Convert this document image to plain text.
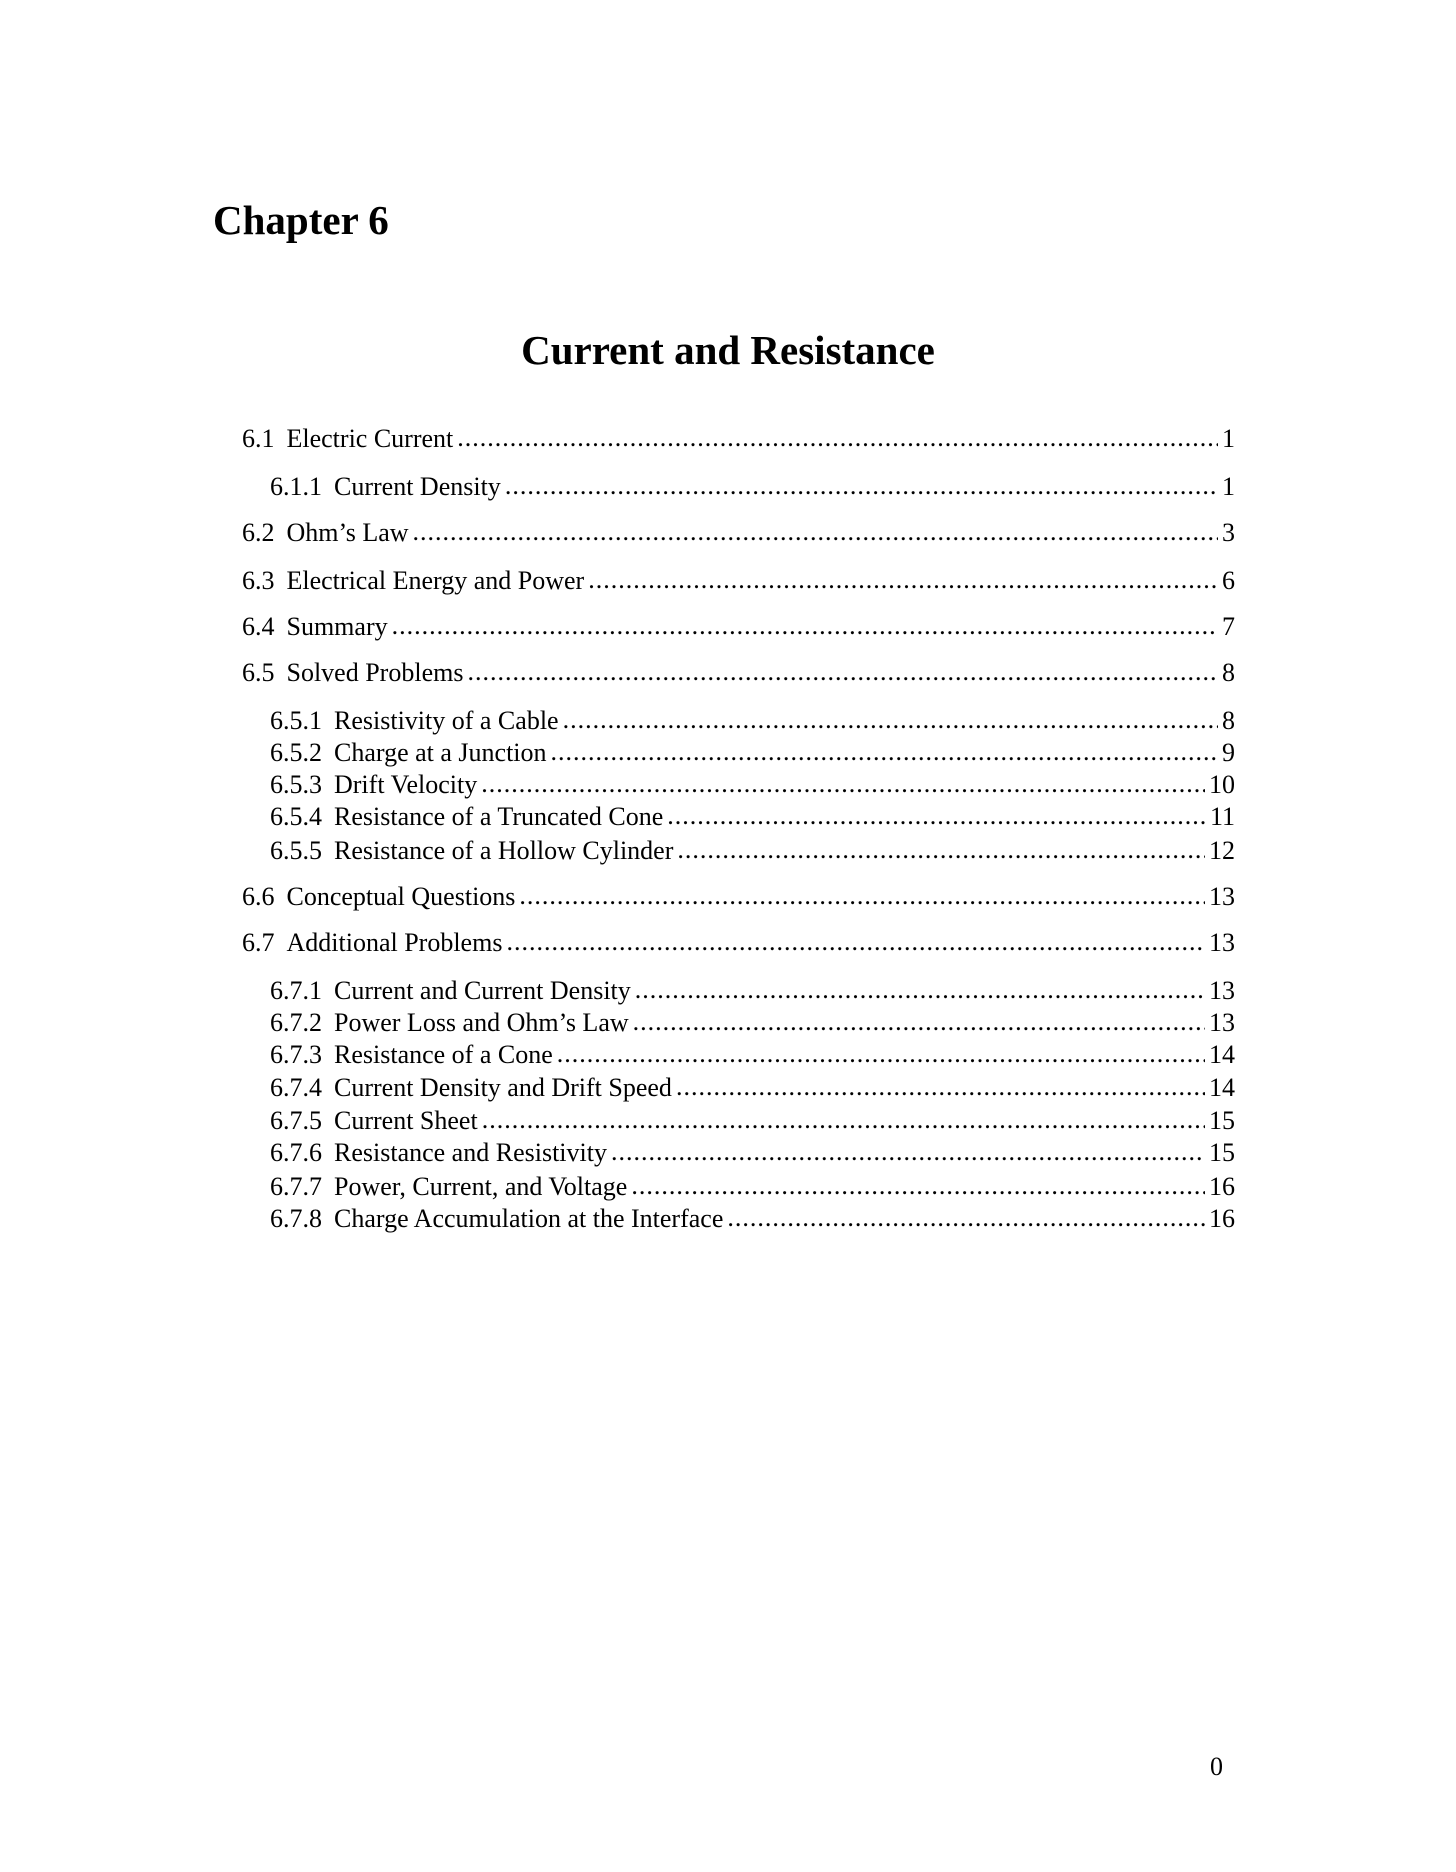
Chapter 6
Current and Resistance
6.1 Electric Current .....	1
6.1.1 Current Density .....	1
6.2 Ohm’s Law .....	3
6.3 Electrical Energy and Power .....	6
6.4 Summary .....	7
6.5 Solved Problems .....	8
6.5.1 Resistivity of a Cable .....	8
6.5.2 Charge at a Junction .....	9
6.5.3 Drift Velocity .....	10
6.5.4 Resistance of a Truncated Cone .....	11
6.5.5 Resistance of a Hollow Cylinder .....	12
6.6 Conceptual Questions .....	13
6.7 Additional Problems .....	13
6.7.1 Current and Current Density .....	13
6.7.2 Power Loss and Ohm’s Law .....	13
6.7.3 Resistance of a Cone .....	14
6.7.4 Current Density and Drift Speed .....	14
6.7.5 Current Sheet .....	15
6.7.6 Resistance and Resistivity .....	15
6.7.7 Power, Current, and Voltage .....	16
6.7.8 Charge Accumulation at the Interface .....	16
0
